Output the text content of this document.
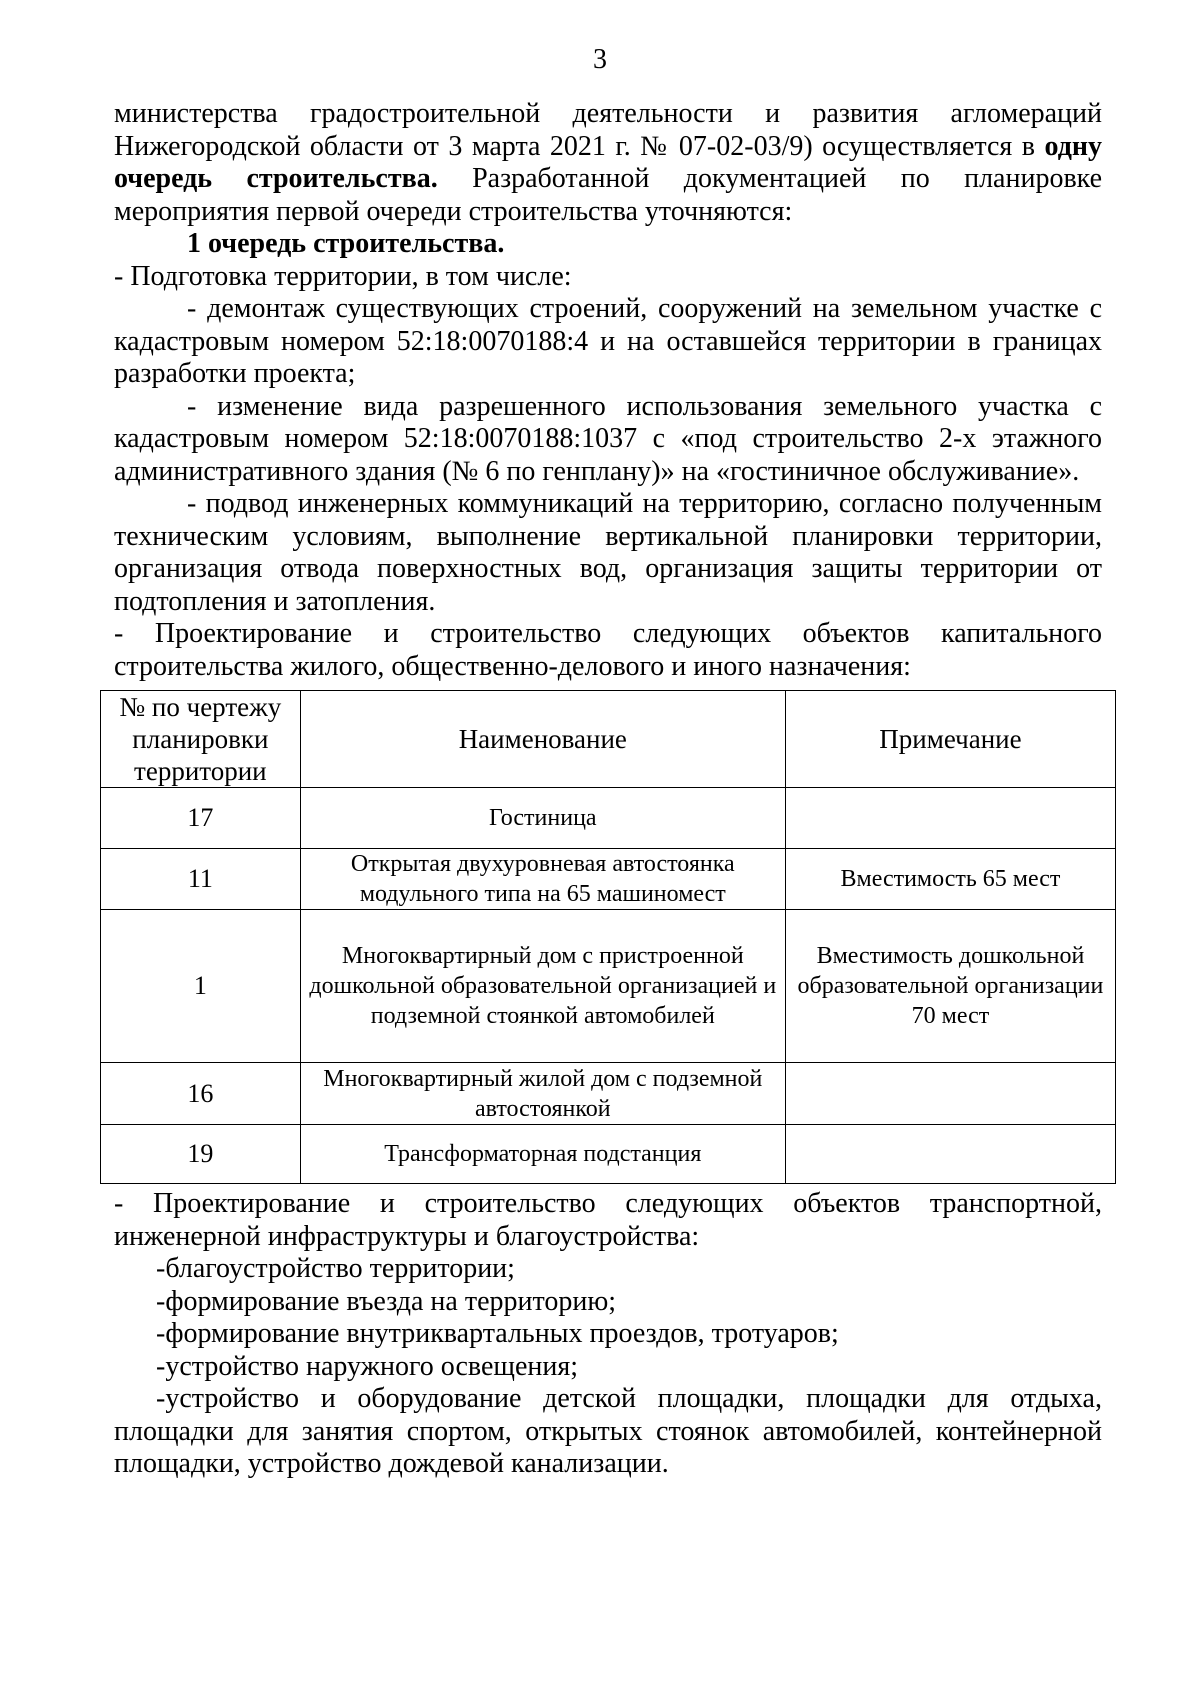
3

министерства градостроительной деятельности и развития агломераций Нижегородской области от 3 марта 2021 г. № 07-02-03/9) осуществляется в одну очередь строительства. Разработанной документацией по планировке мероприятия первой очереди строительства уточняются:

1 очередь строительства.

- Подготовка территории, в том числе:

- демонтаж существующих строений, сооружений на земельном участке с кадастровым номером 52:18:0070188:4 и на оставшейся территории в границах разработки проекта;

- изменение вида разрешенного использования земельного участка с кадастровым номером 52:18:0070188:1037 с «под строительство 2-х этажного административного здания (№ 6 по генплану)» на «гостиничное обслуживание».

- подвод инженерных коммуникаций на территорию, согласно полученным техническим условиям, выполнение вертикальной планировки территории, организация отвода поверхностных вод, организация защиты территории от подтопления и затопления.

- Проектирование и строительство следующих объектов капитального строительства жилого, общественно-делового и иного назначения:

№ по чертежу планировки территории	Наименование	Примечание
17	Гостиница	
11	Открытая двухуровневая автостоянка модульного типа на 65 машиномест	Вместимость 65 мест
1	Многоквартирный дом с пристроенной дошкольной образовательной организацией и подземной стоянкой автомобилей	Вместимость дошкольной образовательной организации 70 мест
16	Многоквартирный жилой дом с подземной автостоянкой	
19	Трансформаторная подстанция	

- Проектирование и строительство следующих объектов транспортной, инженерной инфраструктуры и благоустройства:

-благоустройство территории;

-формирование въезда на территорию;

-формирование внутриквартальных проездов, тротуаров;

-устройство наружного освещения;

-устройство и оборудование детской площадки, площадки для отдыха, площадки для занятия спортом, открытых стоянок автомобилей, контейнерной площадки, устройство дождевой канализации.
